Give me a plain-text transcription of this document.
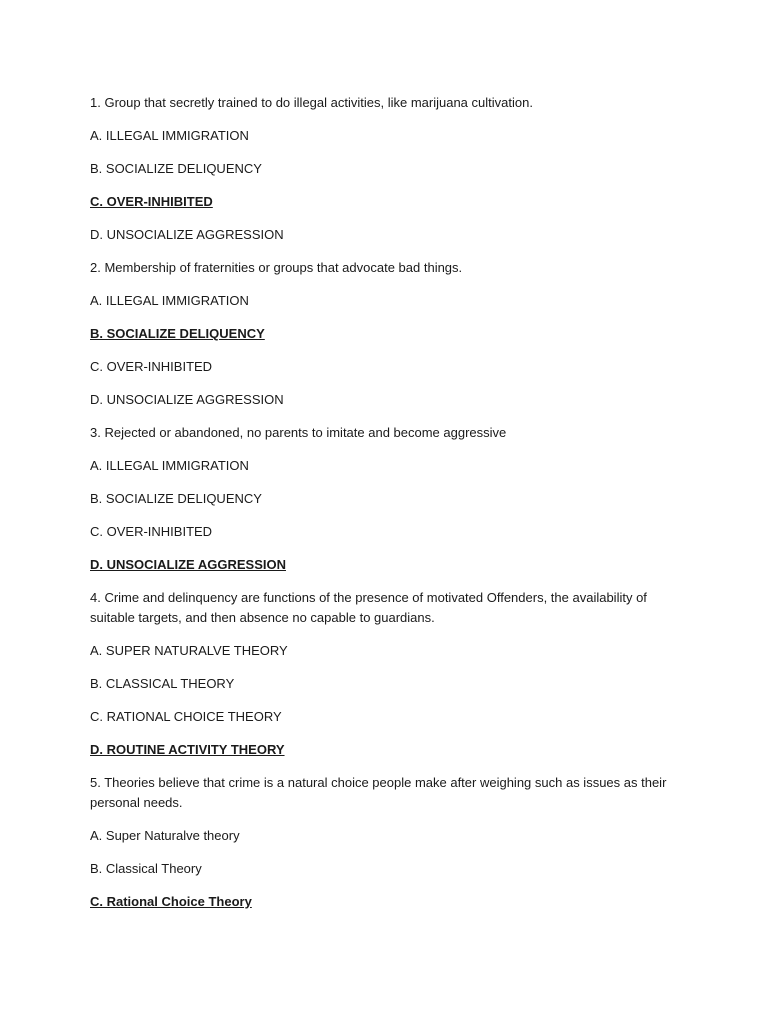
1. Group that secretly trained to do illegal activities, like marijuana cultivation.

A. ILLEGAL IMMIGRATION

B. SOCIALIZE DELIQUENCY

C. OVER-INHIBITED

D. UNSOCIALIZE AGGRESSION

2. Membership of fraternities or groups that advocate bad things.

A. ILLEGAL IMMIGRATION

B. SOCIALIZE DELIQUENCY

C. OVER-INHIBITED

D. UNSOCIALIZE AGGRESSION

3. Rejected or abandoned, no parents to imitate and become aggressive

A. ILLEGAL IMMIGRATION

B. SOCIALIZE DELIQUENCY

C. OVER-INHIBITED

D. UNSOCIALIZE AGGRESSION

4. Crime and delinquency are functions of the presence of motivated Offenders, the availability of suitable targets, and then absence no capable to guardians.

A. SUPER NATURALVE THEORY

B. CLASSICAL THEORY

C. RATIONAL CHOICE THEORY

D. ROUTINE ACTIVITY THEORY

5. Theories believe that crime is a natural choice people make after weighing such as issues as their personal needs.

A. Super Naturalve theory

B. Classical Theory

C. Rational Choice Theory
